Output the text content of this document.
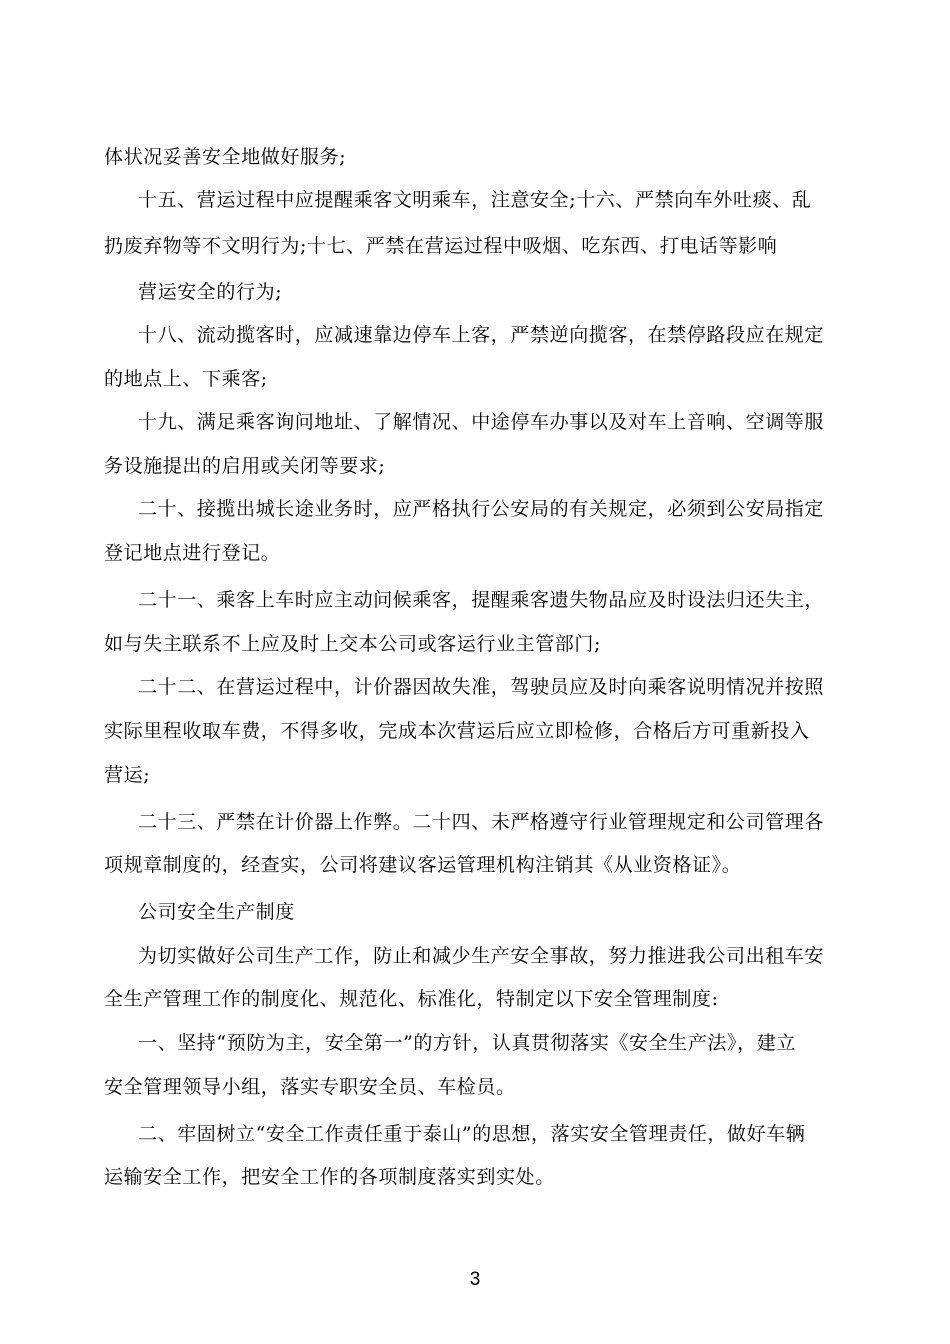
体状况妥善安全地做好服务;
十五、营运过程中应提醒乘客文明乘车，注意安全;十六、严禁向车外吐痰、乱
扔废弃物等不文明行为;十七、严禁在营运过程中吸烟、吃东西、打电话等影响
营运安全的行为;
十八、流动揽客时，应减速靠边停车上客，严禁逆向揽客，在禁停路段应在规定
的地点上、下乘客;
十九、满足乘客询问地址、了解情况、中途停车办事以及对车上音响、空调等服
务设施提出的启用或关闭等要求;
二十、接揽出城长途业务时，应严格执行公安局的有关规定，必须到公安局指定
登记地点进行登记。
二十一、乘客上车时应主动问候乘客，提醒乘客遗失物品应及时设法归还失主，
如与失主联系不上应及时上交本公司或客运行业主管部门;
二十二、在营运过程中，计价器因故失准，驾驶员应及时向乘客说明情况并按照
实际里程收取车费，不得多收，完成本次营运后应立即检修，合格后方可重新投入
营运;
二十三、严禁在计价器上作弊。二十四、未严格遵守行业管理规定和公司管理各
项规章制度的，经查实，公司将建议客运管理机构注销其《从业资格证》。
公司安全生产制度
为切实做好公司生产工作，防止和减少生产安全事故，努力推进我公司出租车安
全生产管理工作的制度化、规范化、标准化，特制定以下安全管理制度:
一、坚持“预防为主，安全第一”的方针，认真贯彻落实《安全生产法》，建立
安全管理领导小组，落实专职安全员、车检员。
二、牢固树立“安全工作责任重于泰山”的思想，落实安全管理责任，做好车辆
运输安全工作，把安全工作的各项制度落实到实处。
3
